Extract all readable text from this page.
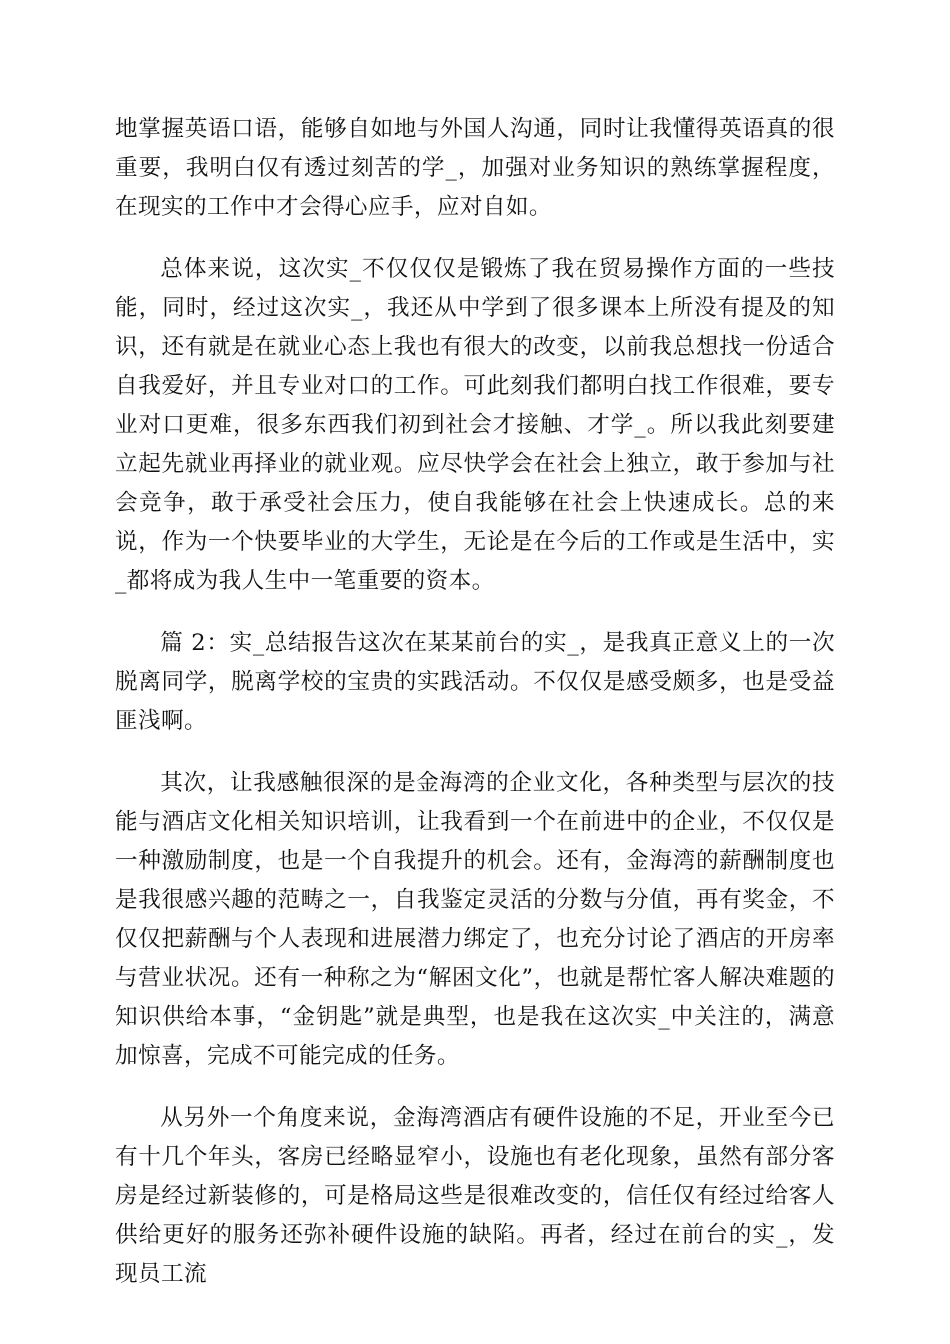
地掌握英语口语，能够自如地与外国人沟通，同时让我懂得英语真的很重要，我明白仅有透过刻苦的学_，加强对业务知识的熟练掌握程度，在现实的工作中才会得心应手，应对自如。

总体来说，这次实_不仅仅仅是锻炼了我在贸易操作方面的一些技能，同时，经过这次实_，我还从中学到了很多课本上所没有提及的知识，还有就是在就业心态上我也有很大的改变，以前我总想找一份适合自我爱好，并且专业对口的工作。可此刻我们都明白找工作很难，要专业对口更难，很多东西我们初到社会才接触、才学_。所以我此刻要建立起先就业再择业的就业观。应尽快学会在社会上独立，敢于参加与社会竞争，敢于承受社会压力，使自我能够在社会上快速成长。总的来说，作为一个快要毕业的大学生，无论是在今后的工作或是生活中，实_都将成为我人生中一笔重要的资本。

篇 2：实_总结报告这次在某某前台的实_，是我真正意义上的一次脱离同学，脱离学校的宝贵的实践活动。不仅仅是感受颇多，也是受益匪浅啊。

其次，让我感触很深的是金海湾的企业文化，各种类型与层次的技能与酒店文化相关知识培训，让我看到一个在前进中的企业，不仅仅是一种激励制度，也是一个自我提升的机会。还有，金海湾的薪酬制度也是我很感兴趣的范畴之一，自我鉴定灵活的分数与分值，再有奖金，不仅仅把薪酬与个人表现和进展潜力绑定了，也充分讨论了酒店的开房率与营业状况。还有一种称之为“解困文化”，也就是帮忙客人解决难题的知识供给本事，“金钥匙”就是典型，也是我在这次实_中关注的，满意加惊喜，完成不可能完成的任务。

从另外一个角度来说，金海湾酒店有硬件设施的不足，开业至今已有十几个年头，客房已经略显窄小，设施也有老化现象，虽然有部分客房是经过新装修的，可是格局这些是很难改变的，信任仅有经过给客人供给更好的服务还弥补硬件设施的缺陷。再者，经过在前台的实_，发现员工流
